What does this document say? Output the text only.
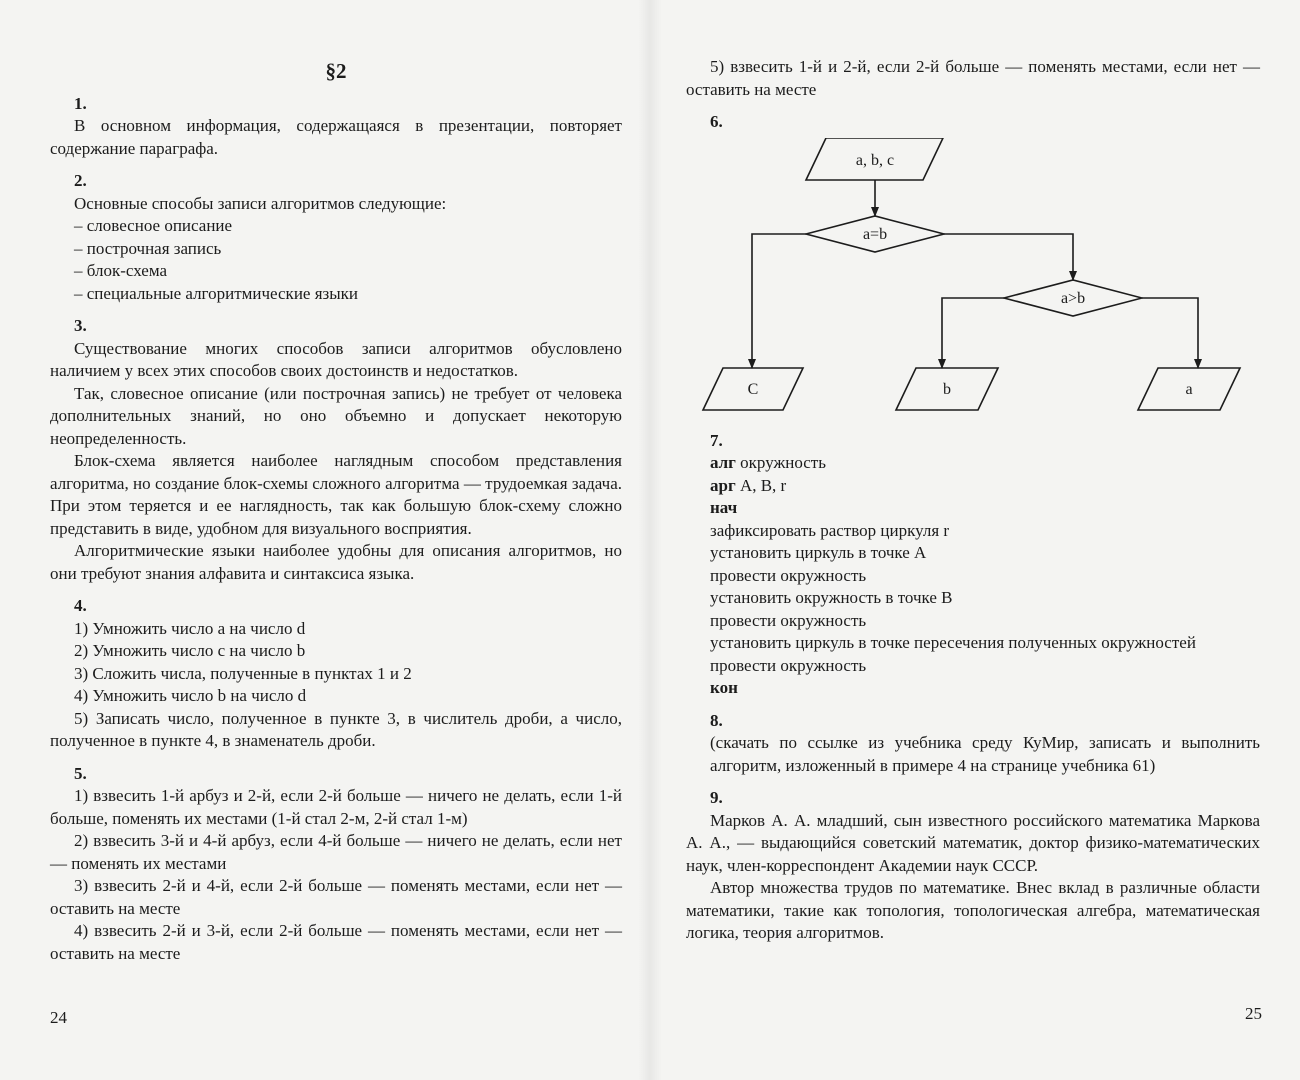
§2

1.

В основном информация, содержащаяся в презентации, повторяет содержание параграфа.

2.

Основные способы записи алгоритмов следующие:

– словесное описание

– построчная запись

– блок-схема

– специальные алгоритмические языки

3.

Существование многих способов записи алгоритмов обусловлено наличием у всех этих способов своих достоинств и недостатков.

Так, словесное описание (или построчная запись) не требует от человека дополнительных знаний, но оно объемно и допускает некоторую неопределенность.

Блок-схема является наиболее наглядным способом представления алгоритма, но создание блок-схемы сложного алгоритма — трудоемкая задача. При этом теряется и ее наглядность, так как большую блок-схему сложно представить в виде, удобном для визуального восприятия.

Алгоритмические языки наиболее удобны для описания алгоритмов, но они требуют знания алфавита и синтаксиса языка.

4.

1) Умножить число a на число d

2) Умножить число c на число b

3) Сложить числа, полученные в пунктах 1 и 2

4) Умножить число b на число d

5) Записать число, полученное в пункте 3, в числитель дроби, а число, полученное в пункте 4, в знаменатель дроби.

5.

1) взвесить 1-й арбуз и 2-й, если 2-й больше — ничего не делать, если 1-й больше, поменять их местами (1-й стал 2-м, 2-й стал 1-м)

2) взвесить 3-й и 4-й арбуз, если 4-й больше — ничего не делать, если нет — поменять их местами

3) взвесить 2-й и 4-й, если 2-й больше — поменять местами, если нет — оставить на месте

4) взвесить 2-й и 3-й, если 2-й больше — поменять местами, если нет — оставить на месте

24

5) взвесить 1-й и 2-й, если 2-й больше — поменять местами, если нет — оставить на месте

6.

a, b, c
a=b
a>b
C	b	a

7.

алг окружность

арг A, B, r

нач

зафиксировать раствор циркуля r

установить циркуль в точке A

провести окружность

установить окружность в точке B

провести окружность

установить циркуль в точке пересечения полученных окружностей

провести окружность

кон

8.

(скачать по ссылке из учебника среду КуМир, записать и выполнить алгоритм, изложенный в примере 4 на странице учебника 61)

9.

Марков А. А. младший, сын известного российского математика Маркова А. А., — выдающийся советский математик, доктор физико-математических наук, член-корреспондент Академии наук СССР.

Автор множества трудов по математике. Внес вклад в различные области математики, такие как топология, топологическая алгебра, математическая логика, теория алгоритмов.

25
